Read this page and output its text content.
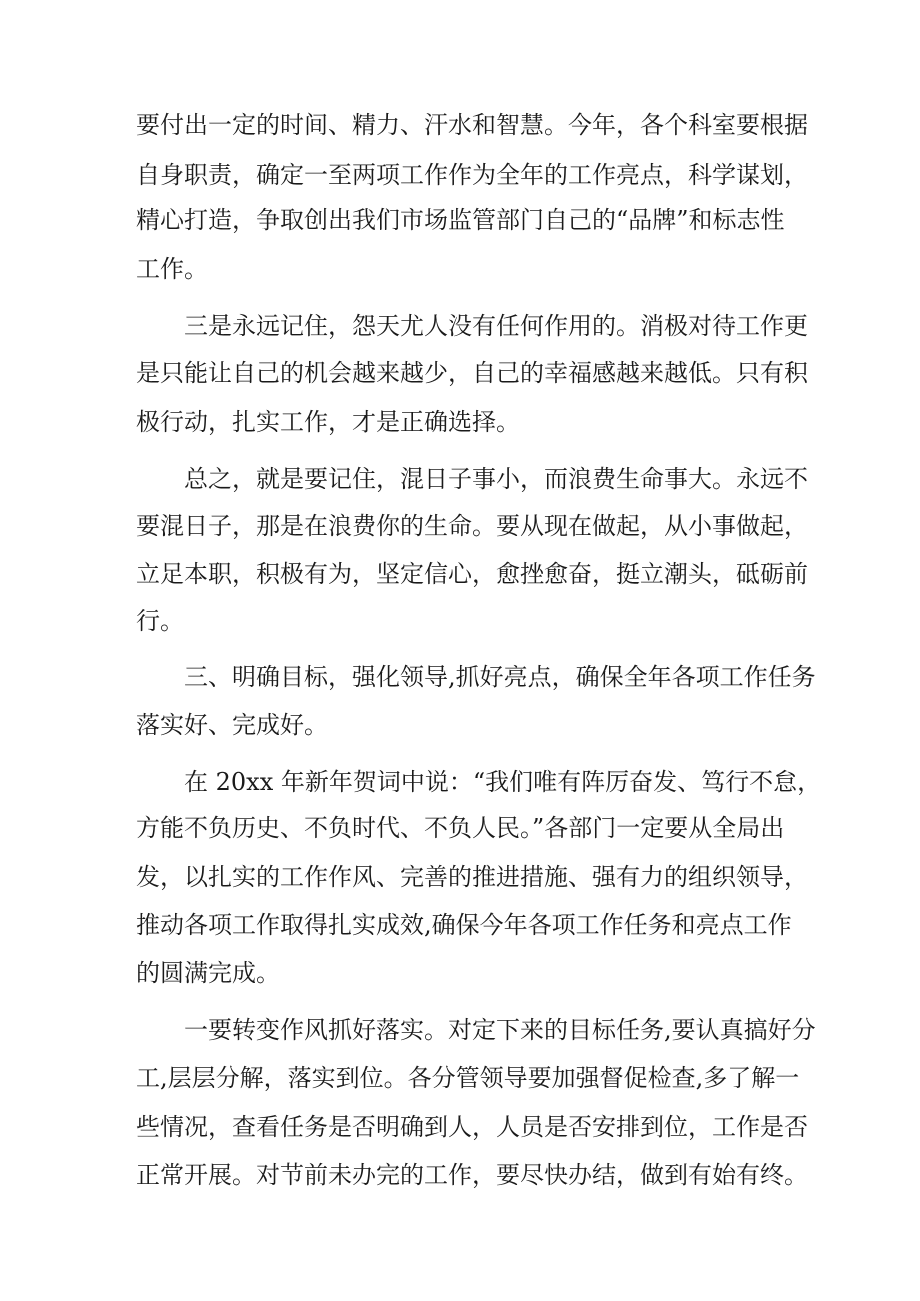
要付出一定的时间、精力、汗水和智慧。今年，各个科室要根据
自身职责，确定一至两项工作作为全年的工作亮点，科学谋划，
精心打造，争取创出我们市场监管部门自己的“品牌”和标志性
工作。
三是永远记住，怨天尤人没有任何作用的。消极对待工作更
是只能让自己的机会越来越少，自己的幸福感越来越低。只有积
极行动，扎实工作，才是正确选择。
总之，就是要记住，混日子事小，而浪费生命事大。永远不
要混日子，那是在浪费你的生命。要从现在做起，从小事做起，
立足本职，积极有为，坚定信心，愈挫愈奋，挺立潮头，砥砺前
行。
三、明确目标，强化领导,抓好亮点，确保全年各项工作任务
落实好、完成好。
在 20xx 年新年贺词中说：“我们唯有阵厉奋发、笃行不怠，
方能不负历史、不负时代、不负人民。”各部门一定要从全局出
发，以扎实的工作作风、完善的推进措施、强有力的组织领导，
推动各项工作取得扎实成效,确保今年各项工作任务和亮点工作
的圆满完成。
一要转变作风抓好落实。对定下来的目标任务,要认真搞好分
工,层层分解，落实到位。各分管领导要加强督促检查,多了解一
些情况，查看任务是否明确到人，人员是否安排到位，工作是否
正常开展。对节前未办完的工作，要尽快办结，做到有始有终。
